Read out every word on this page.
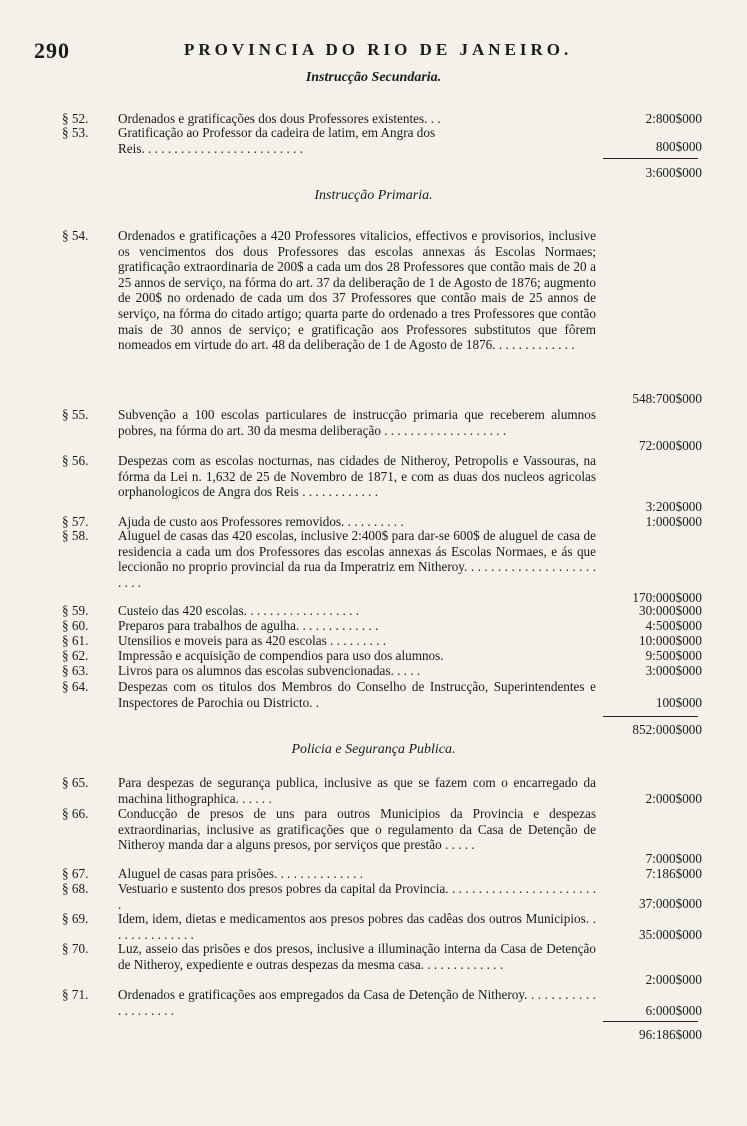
290	PROVINCIA DO RIO DE JANEIRO.
Instrucção Secundaria.
§ 52.	Ordenados e gratificações dos dous Professores existentes. . .	2:800$000
§ 53.	Gratificação ao Professor da cadeira de latim, em Angra dos
Reis. . . . . . . . . . . . . . . . . . . . . . . . .	800$000
3:600$000
Instrucção Primaria.
§ 54.	Ordenados e gratificações a 420 Professores vitalicios, effectivos e provisorios, inclusive os vencimentos dos dous Professores das escolas annexas ás Escolas Normaes; gratificação extraordinaria de 200$ a cada um dos 28 Professores que contão mais de 20 a 25 annos de serviço, na fórma do art. 37 da deliberação de 1 de Agosto de 1876; augmento de 200$ no ordenado de cada um dos 37 Professores que contão mais de 25 annos de serviço, na fórma do citado artigo; quarta parte do ordenado a tres Professores que contão mais de 30 annos de serviço; e gratificação aos Professores substitutos que fôrem nomeados em virtude do art. 48 da deliberação de 1 de Agosto de 1876. . . . . . . . . . . . .
548:700$000
§ 55.	Subvenção a 100 escolas particulares de instrucção primaria que receberem alumnos pobres, na fórma do art. 30 da mesma deliberação . . . . . . . . . . . . . . . . . . .
72:000$000
§ 56.	Despezas com as escolas nocturnas, nas cidades de Nitheroy, Petropolis e Vassouras, na fórma da Lei n. 1,632 de 25 de Novembro de 1871, e com as duas dos nucleos agricolas orphanologicos de Angra dos Reis . . . . . . . . . . . .
3:200$000
§ 57.	Ajuda de custo aos Professores removidos. . . . . . . . . .	1:000$000
§ 58.	Aluguel de casas das 420 escolas, inclusive 2:400$ para dar-se 600$ de aluguel de casa de residencia a cada um dos Professores das escolas annexas ás Escolas Normaes, e ás que leccionão no proprio provincial da rua da Imperatriz em Nitheroy. . . . . . . . . . . . . . . . . . . . . . . .
170:000$000
§ 59.	Custeio das 420 escolas. . . . . . . . . . . . . . . . . .	30:000$000
§ 60.	Preparos para trabalhos de agulha. . . . . . . . . . . . .	4:500$000
§ 61.	Utensilios e moveis para as 420 escolas . . . . . . . . .	10:000$000
§ 62.	Impressão e acquisição de compendios para uso dos alumnos.	9:500$000
§ 63.	Livros para os alumnos das escolas subvencionadas. . . . .	3:000$000
§ 64.	Despezas com os titulos dos Membros do Conselho de Instrucção, Superintendentes e Inspectores de Parochia ou Districto. .	100$000
852:000$000
Policia e Segurança Publica.
§ 65.	Para despezas de segurança publica, inclusive as que se fazem com o encarregado da machina lithographica. . . . . .	2:000$000
§ 66.	Conducção de presos de uns para outros Municipios da Provincia e despezas extraordinarias, inclusive as gratificações que o regulamento da Casa de Detenção de Nitheroy manda dar a alguns presos, por serviços que prestão . . . . .
7:000$000
§ 67.	Aluguel de casas para prisões. . . . . . . . . . . . . .	7:186$000
§ 68.	Vestuario e sustento dos presos pobres da capital da Provincia. . . . . . . . . . . . . . . . . . . . . . . .	37:000$000
§ 69.	Idem, idem, dietas e medicamentos aos presos pobres das cadêas dos outros Municipios. . . . . . . . . . . . . .	35:000$000
§ 70.	Luz, asseio das prisões e dos presos, inclusive a illuminação interna da Casa de Detenção de Nitheroy, expediente e outras despezas da mesma casa. . . . . . . . . . . . .
2:000$000
§ 71.	Ordenados e gratificações aos empregados da Casa de Detenção de Nitheroy. . . . . . . . . . . . . . . . . . . .	6:000$000
96:186$000
